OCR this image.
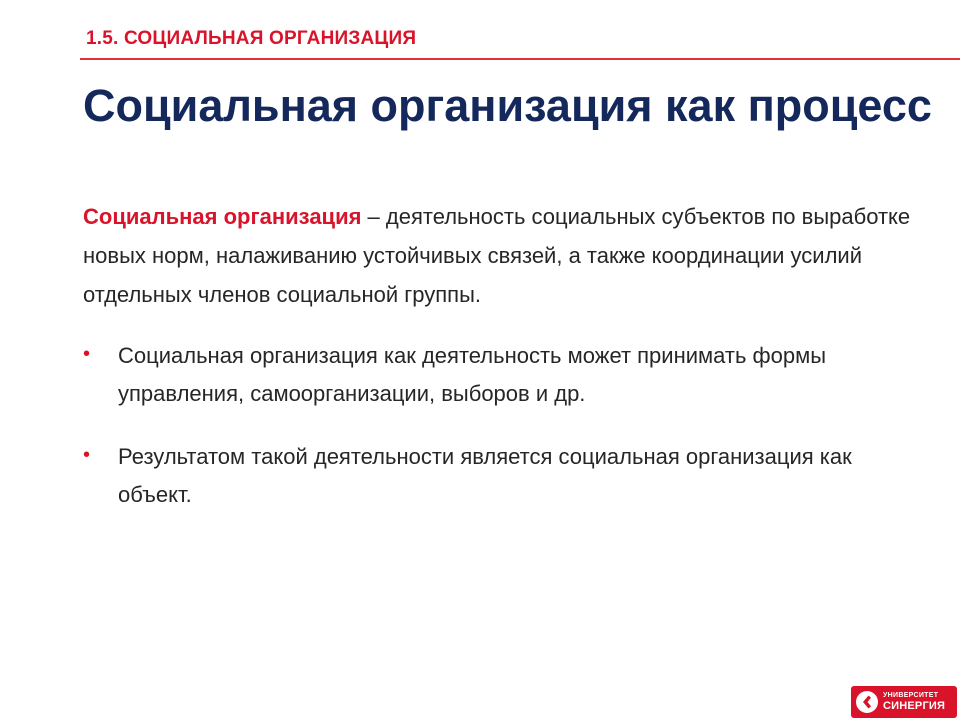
1.5. СОЦИАЛЬНАЯ ОРГАНИЗАЦИЯ
Социальная организация как процесс
Социальная организация – деятельность социальных субъектов по выработке новых норм, налаживанию устойчивых связей, а также координации усилий отдельных членов социальной группы.
• Социальная организация как деятельность может принимать формы управления, самоорганизации, выборов и др.
• Результатом такой деятельности является социальная организация как объект.
УНИВЕРСИТЕТ
СИНЕРГИЯ
